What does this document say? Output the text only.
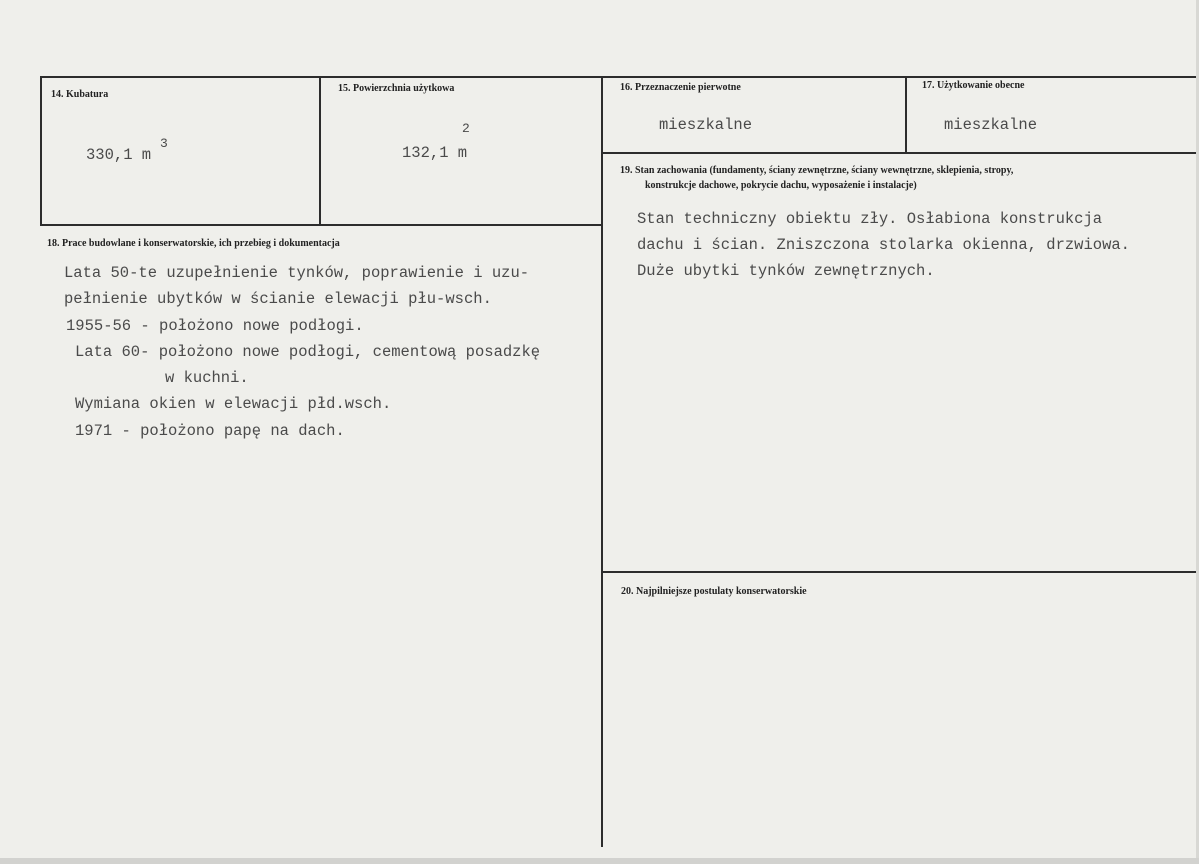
14. Kubatura
330,1 m
3
15. Powierzchnia użytkowa
132,1 m
2
16. Przeznaczenie pierwotne
mieszkalne
17. Użytkowanie obecne
mieszkalne
18. Prace budowlane i konserwatorskie, ich przebieg i dokumentacja
Lata 50-te uzupełnienie tynków, poprawienie i uzu-
pełnienie ubytków w ścianie elewacji płu-wsch.
1955-56 - położono nowe podłogi.
Lata 60- położono nowe podłogi, cementową posadzkę
w kuchni.
Wymiana okien w elewacji płd.wsch.
1971 - położono papę na dach.
19. Stan zachowania (fundamenty, ściany zewnętrzne, ściany wewnętrzne, sklepienia, stropy,
konstrukcje dachowe, pokrycie dachu, wyposażenie i instalacje)
Stan techniczny obiektu zły. Osłabiona konstrukcja
dachu i ścian. Zniszczona stolarka okienna, drzwiowa.
Duże ubytki tynków zewnętrznych.
20. Najpilniejsze postulaty konserwatorskie
